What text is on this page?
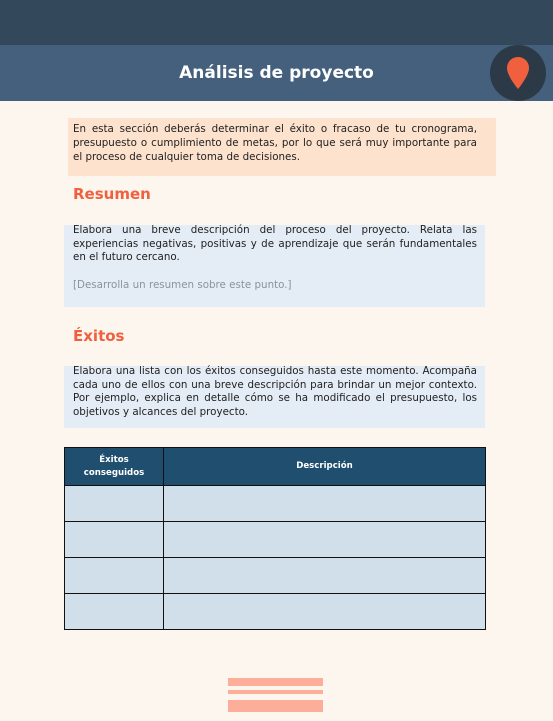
Análisis de proyecto
En esta sección deberás determinar el éxito o fracaso de tu cronograma, presupuesto o cumplimiento de metas, por lo que será muy importante para el proceso de cualquier toma de decisiones.
Resumen
Elabora una breve descripción del proceso del proyecto. Relata las experiencias negativas, positivas y de aprendizaje que serán fundamentales en el futuro cercano.
[Desarrolla un resumen sobre este punto.]
Éxitos
Elabora una lista con los éxitos conseguidos hasta este momento. Acompaña cada uno de ellos con una breve descripción para brindar un mejor contexto. Por ejemplo, explica en detalle cómo se ha modificado el presupuesto, los objetivos y alcances del proyecto.
Éxitos conseguidos	Descripción
